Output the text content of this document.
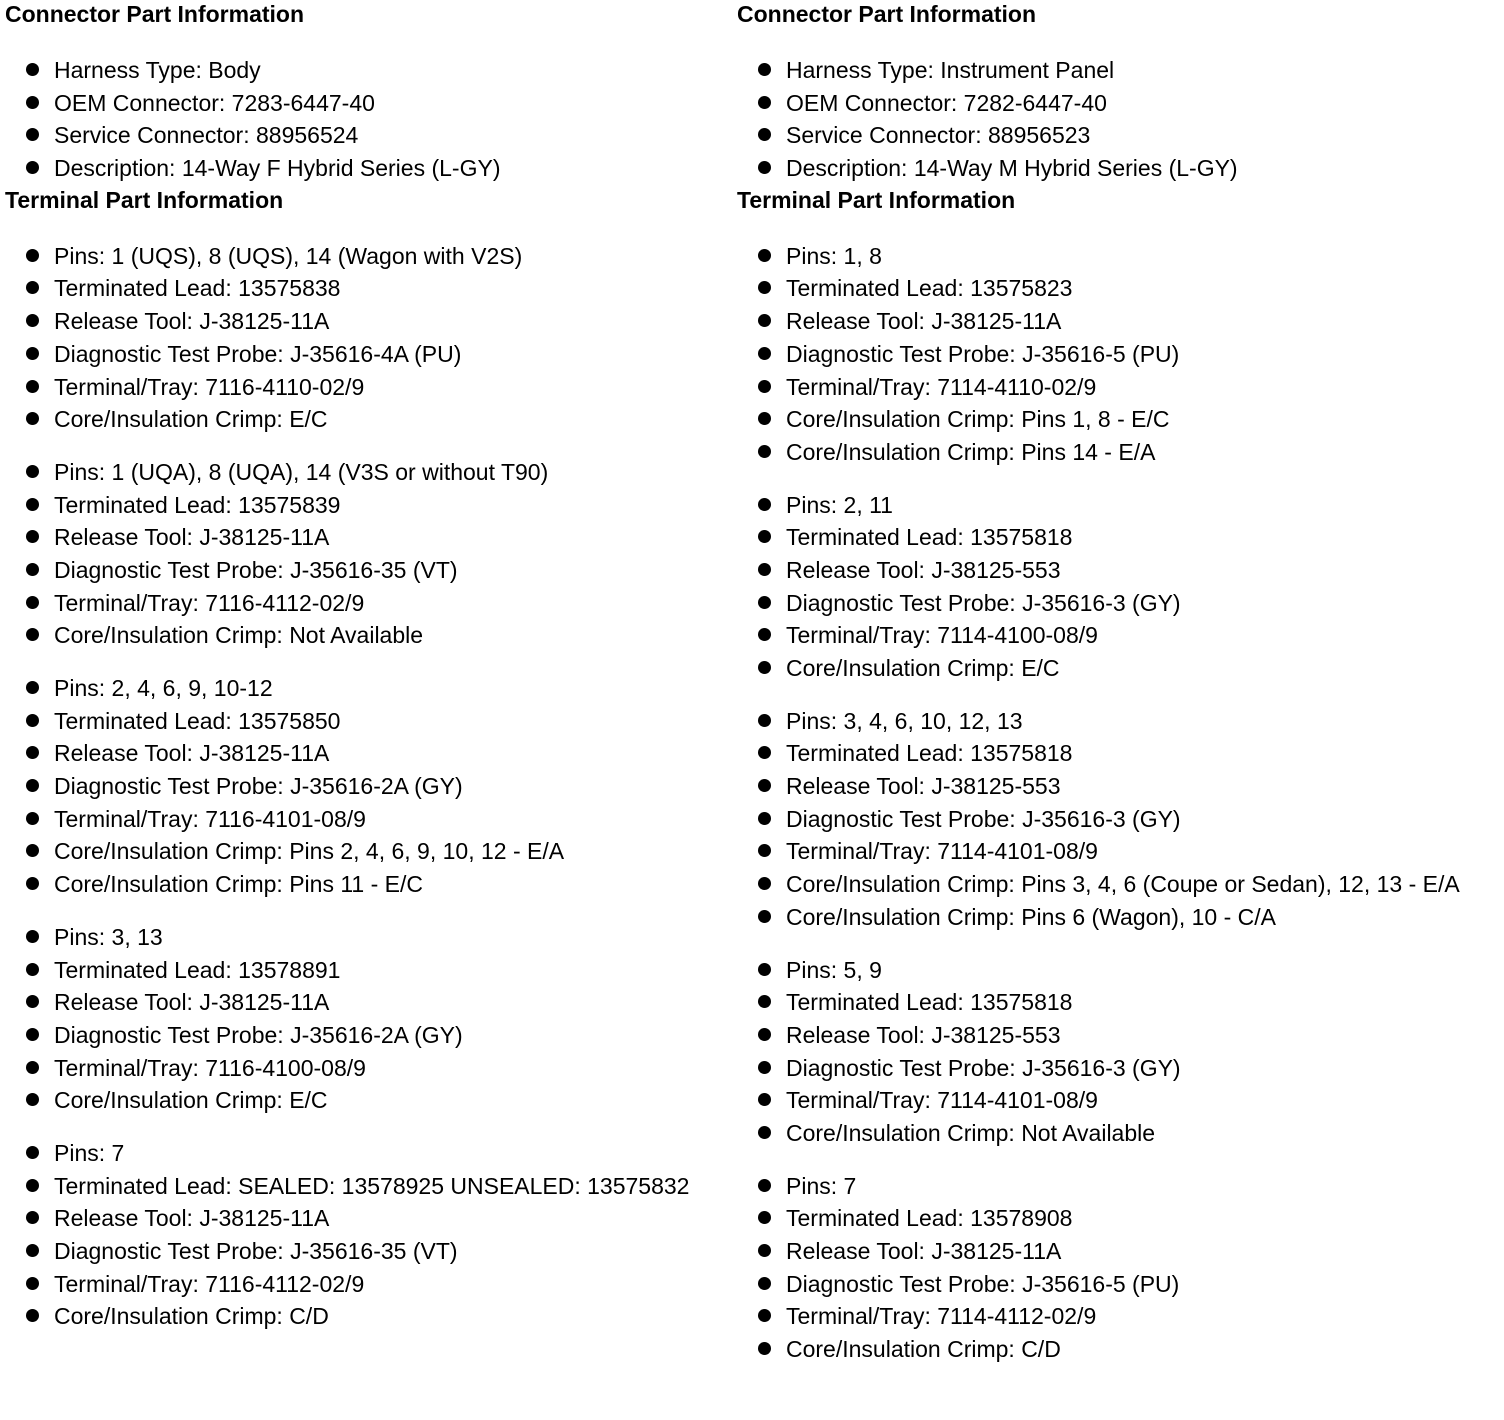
Connector Part Information
Harness Type: Body
OEM Connector: 7283-6447-40
Service Connector: 88956524
Description: 14-Way F Hybrid Series (L-GY)
Terminal Part Information
Pins: 1 (UQS), 8 (UQS), 14 (Wagon with V2S)
Terminated Lead: 13575838
Release Tool: J-38125-11A
Diagnostic Test Probe: J-35616-4A (PU)
Terminal/Tray: 7116-4110-02/9
Core/Insulation Crimp: E/C
Pins: 1 (UQA), 8 (UQA), 14 (V3S or without T90)
Terminated Lead: 13575839
Release Tool: J-38125-11A
Diagnostic Test Probe: J-35616-35 (VT)
Terminal/Tray: 7116-4112-02/9
Core/Insulation Crimp: Not Available
Pins: 2, 4, 6, 9, 10-12
Terminated Lead: 13575850
Release Tool: J-38125-11A
Diagnostic Test Probe: J-35616-2A (GY)
Terminal/Tray: 7116-4101-08/9
Core/Insulation Crimp: Pins 2, 4, 6, 9, 10, 12 - E/A
Core/Insulation Crimp: Pins 11 - E/C
Pins: 3, 13
Terminated Lead: 13578891
Release Tool: J-38125-11A
Diagnostic Test Probe: J-35616-2A (GY)
Terminal/Tray: 7116-4100-08/9
Core/Insulation Crimp: E/C
Pins: 7
Terminated Lead: SEALED: 13578925 UNSEALED: 13575832
Release Tool: J-38125-11A
Diagnostic Test Probe: J-35616-35 (VT)
Terminal/Tray: 7116-4112-02/9
Core/Insulation Crimp: C/D
Connector Part Information
Harness Type: Instrument Panel
OEM Connector: 7282-6447-40
Service Connector: 88956523
Description: 14-Way M Hybrid Series (L-GY)
Terminal Part Information
Pins: 1, 8
Terminated Lead: 13575823
Release Tool: J-38125-11A
Diagnostic Test Probe: J-35616-5 (PU)
Terminal/Tray: 7114-4110-02/9
Core/Insulation Crimp: Pins 1, 8 - E/C
Core/Insulation Crimp: Pins 14 - E/A
Pins: 2, 11
Terminated Lead: 13575818
Release Tool: J-38125-553
Diagnostic Test Probe: J-35616-3 (GY)
Terminal/Tray: 7114-4100-08/9
Core/Insulation Crimp: E/C
Pins: 3, 4, 6, 10, 12, 13
Terminated Lead: 13575818
Release Tool: J-38125-553
Diagnostic Test Probe: J-35616-3 (GY)
Terminal/Tray: 7114-4101-08/9
Core/Insulation Crimp: Pins 3, 4, 6 (Coupe or Sedan), 12, 13 - E/A
Core/Insulation Crimp: Pins 6 (Wagon), 10 - C/A
Pins: 5, 9
Terminated Lead: 13575818
Release Tool: J-38125-553
Diagnostic Test Probe: J-35616-3 (GY)
Terminal/Tray: 7114-4101-08/9
Core/Insulation Crimp: Not Available
Pins: 7
Terminated Lead: 13578908
Release Tool: J-38125-11A
Diagnostic Test Probe: J-35616-5 (PU)
Terminal/Tray: 7114-4112-02/9
Core/Insulation Crimp: C/D
